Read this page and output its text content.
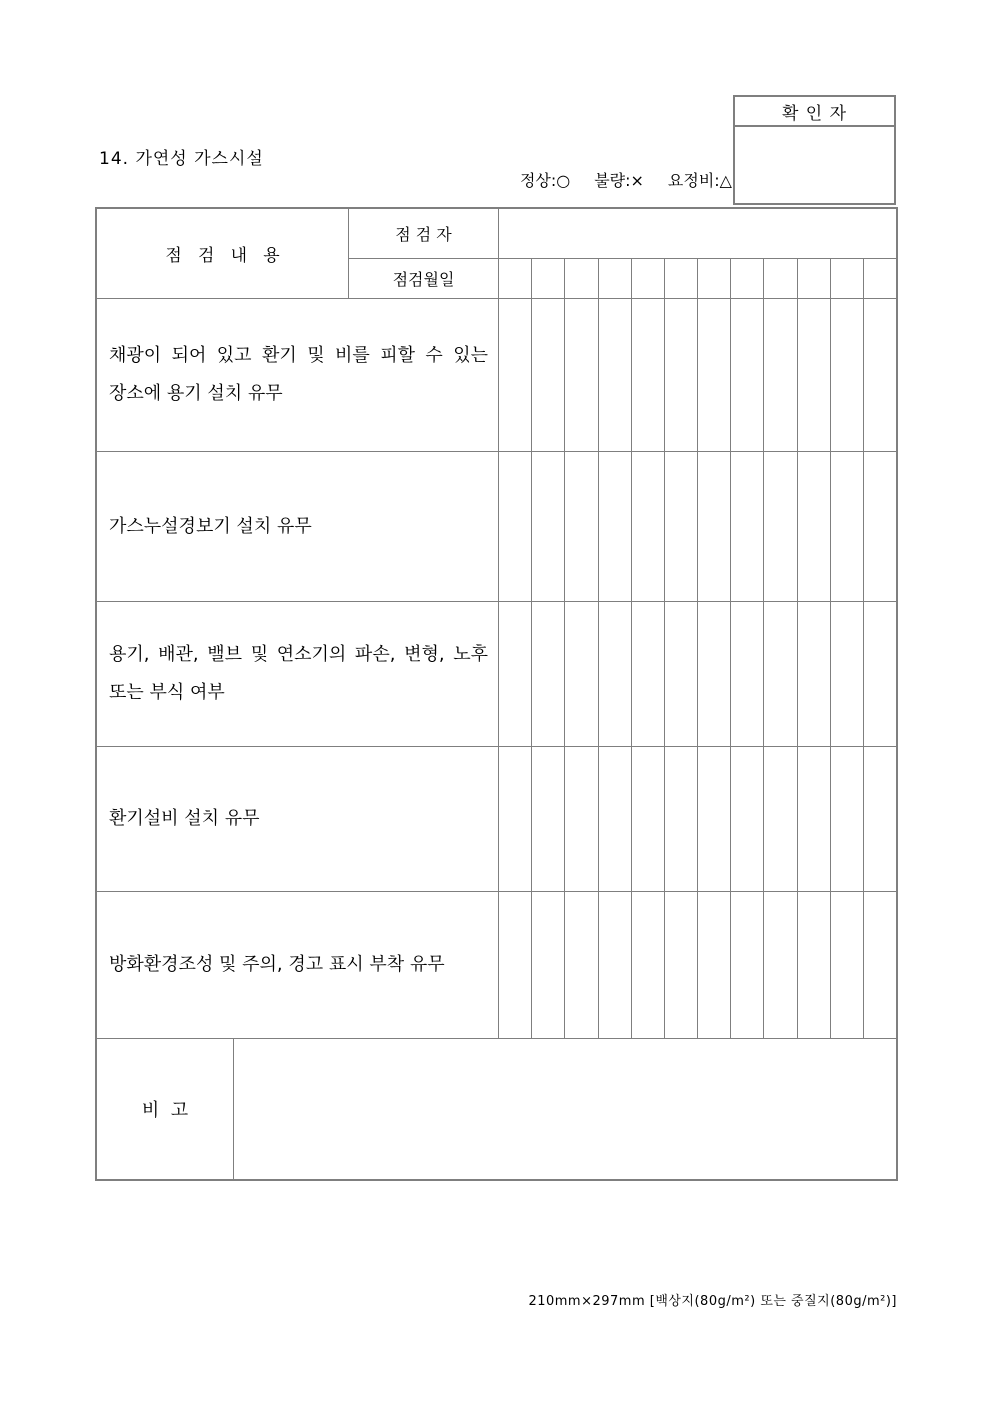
확 인 자
14. 가연성 가스시설
정상:○ 불량:× 요정비:△
점   검   내   용
점 검 자
점검월일
채광이 되어 있고 환기 및 비를 피할 수 있는 장소에 용기 설치 유무
가스누설경보기 설치 유무
용기, 배관, 밸브 및 연소기의 파손, 변형, 노후 또는 부식 여부
환기설비 설치 유무
방화환경조성 및 주의, 경고 표시 부착 유무
비  고
210mm×297mm [백상지(80g/m²) 또는 중질지(80g/m²)]
